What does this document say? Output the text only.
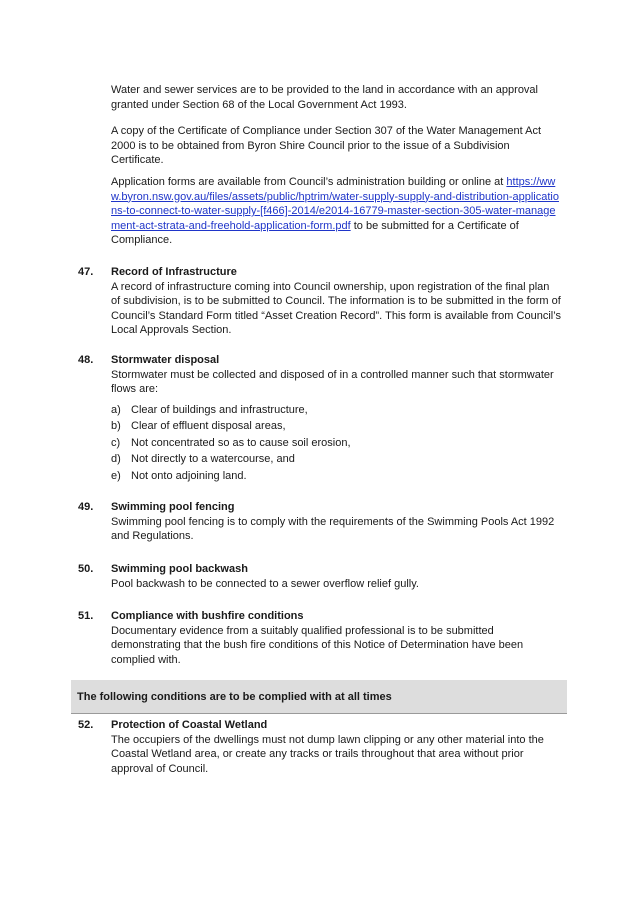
Water and sewer services are to be provided to the land in accordance with an approval granted under Section 68 of the Local Government Act 1993.

A copy of the Certificate of Compliance under Section 307 of the Water Management Act 2000 is to be obtained from Byron Shire Council prior to the issue of a Subdivision Certificate.

Application forms are available from Council’s administration building or online at https://www.byron.nsw.gov.au/files/assets/public/hptrim/water-supply-supply-and-distribution-applications-to-connect-to-water-supply-[f466]-2014/e2014-16779-master-section-305-water-management-act-strata-and-freehold-application-form.pdf to be submitted for a Certificate of Compliance.

47. Record of Infrastructure

A record of infrastructure coming into Council ownership, upon registration of the final plan of subdivision, is to be submitted to Council. The information is to be submitted in the form of Council’s Standard Form titled “Asset Creation Record”. This form is available from Council’s Local Approvals Section.

48. Stormwater disposal

Stormwater must be collected and disposed of in a controlled manner such that stormwater flows are:

a) Clear of buildings and infrastructure,
b) Clear of effluent disposal areas,
c) Not concentrated so as to cause soil erosion,
d) Not directly to a watercourse, and
e) Not onto adjoining land.
49. Swimming pool fencing

Swimming pool fencing is to comply with the requirements of the Swimming Pools Act 1992 and Regulations.

50. Swimming pool backwash

Pool backwash to be connected to a sewer overflow relief gully.

51. Compliance with bushfire conditions

Documentary evidence from a suitably qualified professional is to be submitted demonstrating that the bush fire conditions of this Notice of Determination have been complied with.

The following conditions are to be complied with at all times
52. Protection of Coastal Wetland

The occupiers of the dwellings must not dump lawn clipping or any other material into the Coastal Wetland area, or create any tracks or trails throughout that area without prior approval of Council.
